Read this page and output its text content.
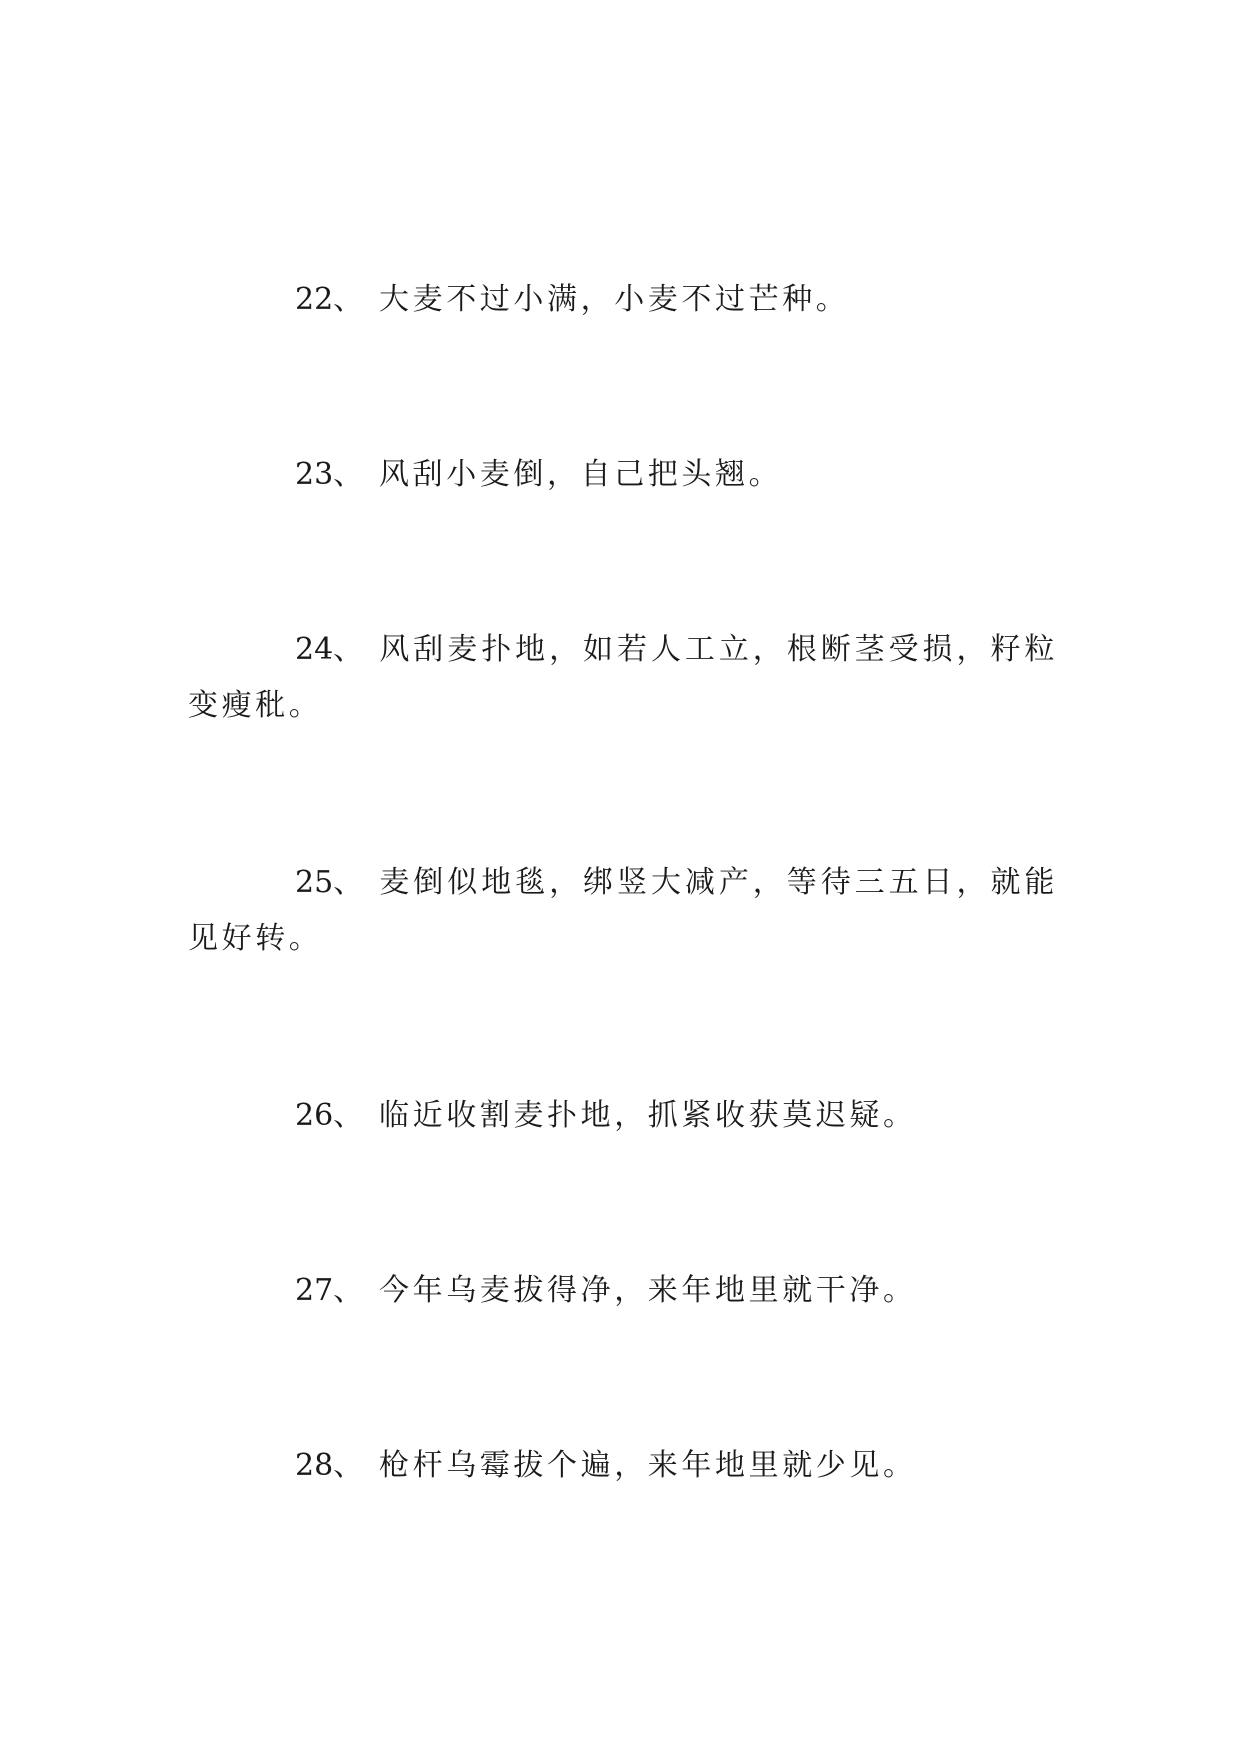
22、 大麦不过小满，小麦不过芒种。

23、 风刮小麦倒，自己把头翘。

24、 风刮麦扑地，如若人工立，根断茎受损，籽粒变瘦秕。

25、 麦倒似地毯，绑竖大减产，等待三五日，就能见好转。

26、 临近收割麦扑地，抓紧收获莫迟疑。

27、 今年乌麦拔得净，来年地里就干净。

28、 枪杆乌霉拔个遍，来年地里就少见。
